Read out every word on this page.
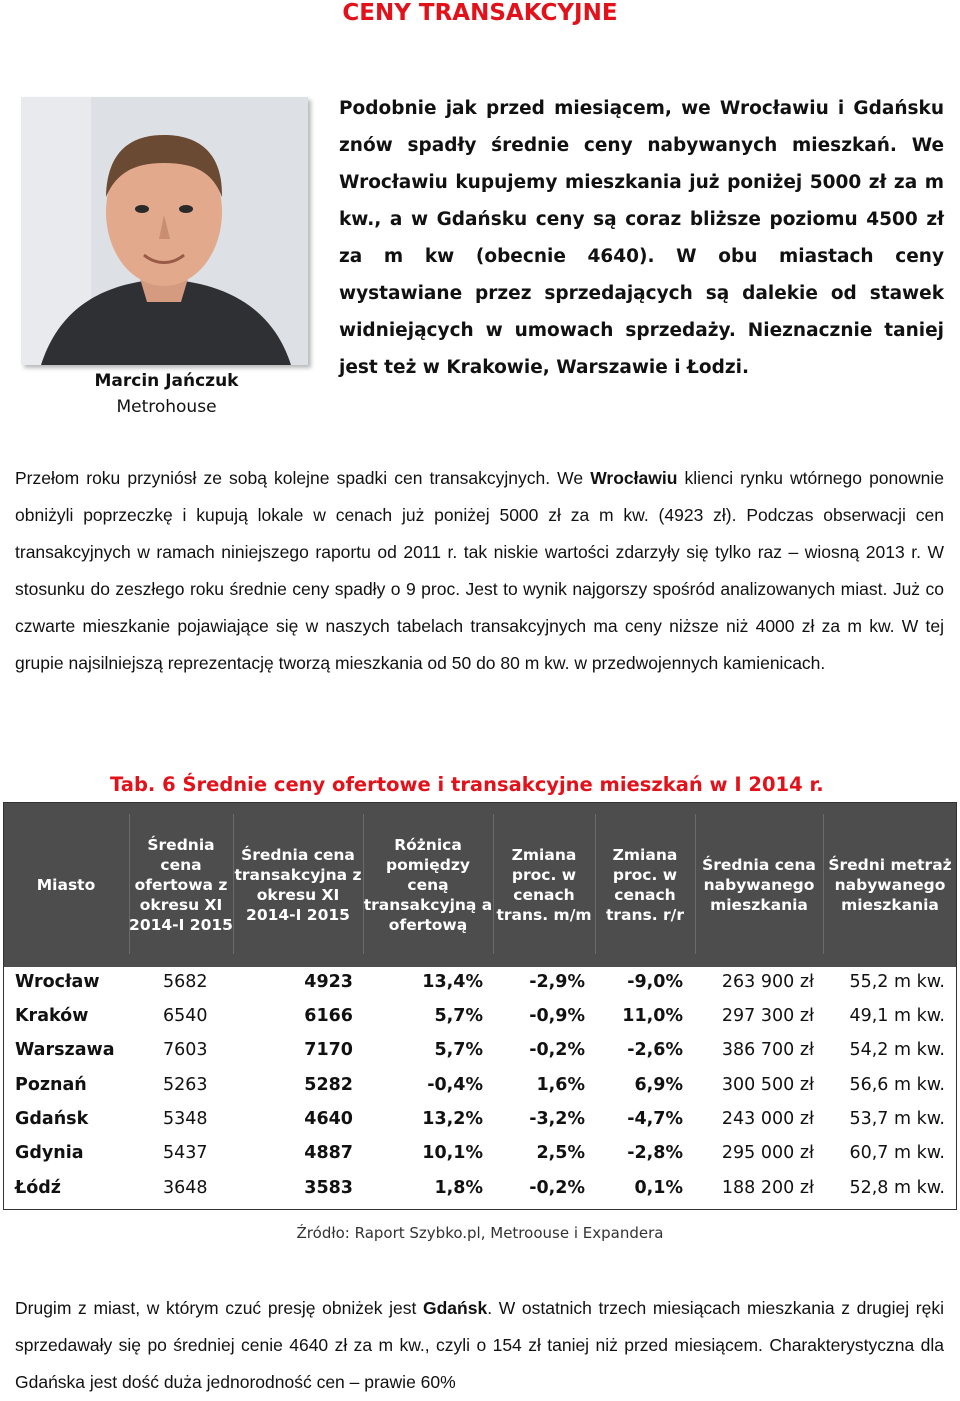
CENY TRANSAKCYJNE
Marcin Jańczuk
Metrohouse
Podobnie jak przed miesiącem, we Wrocławiu i Gdańsku znów spadły średnie ceny nabywanych mieszkań. We Wrocławiu kupujemy mieszkania już poniżej 5000 zł za m kw., a w Gdańsku ceny są coraz bliższe poziomu 4500 zł za m kw (obecnie 4640). W obu miastach ceny wystawiane przez sprzedających są dalekie od stawek widniejących w umowach sprzedaży. Nieznacznie taniej jest też w Krakowie, Warszawie i Łodzi.
Przełom roku przyniósł ze sobą kolejne spadki cen transakcyjnych. We Wrocławiu klienci rynku wtórnego ponownie obniżyli poprzeczkę i kupują lokale w cenach już poniżej 5000 zł za m kw. (4923 zł). Podczas obserwacji cen transakcyjnych w ramach niniejszego raportu od 2011 r. tak niskie wartości zdarzyły się tylko raz – wiosną 2013 r. W stosunku do zeszłego roku średnie ceny spadły o 9 proc. Jest to wynik najgorszy spośród analizowanych miast. Już co czwarte mieszkanie pojawiające się w naszych tabelach transakcyjnych ma ceny niższe niż 4000 zł za m kw. W tej grupie najsilniejszą reprezentację tworzą mieszkania od 50 do 80 m kw. w przedwojennych kamienicach.
Tab. 6 Średnie ceny ofertowe i transakcyjne mieszkań w I 2014 r.
Miasto
Średnia cena ofertowa z okresu XI 2014-I 2015
Średnia cena transakcyjna z okresu XI 2014-I 2015
Różnica pomiędzy ceną transakcyjną a ofertową
Zmiana proc. w cenach trans. m/m
Zmiana proc. w cenach trans. r/r
Średnia cena nabywanego mieszkania
Średni metraż nabywanego mieszkania
Wrocław	5682	4923	13,4%	-2,9% -9,0% 263 900 zł 55,2 m kw.
Kraków	6540	6166	5,7%	-0,9% 11,0% 297 300 zł 49,1 m kw.
Warszawa	7603	7170	5,7%	-0,2% -2,6% 386 700 zł 54,2 m kw.
Poznań	5263	5282	-0,4%	1,6%	6,9% 300 500 zł 56,6 m kw.
Gdańsk	5348	4640	13,2%	-3,2% -4,7% 243 000 zł 53,7 m kw.
Gdynia	5437	4887	10,1%	2,5% -2,8% 295 000 zł 60,7 m kw.
Łódź	3648	3583	1,8%	-0,2%	0,1% 188 200 zł 52,8 m kw.
Źródło: Raport Szybko.pl, Metroouse i Expandera
Drugim z miast, w którym czuć presję obniżek jest Gdańsk. W ostatnich trzech miesiącach mieszkania z drugiej ręki sprzedawały się po średniej cenie 4640 zł za m kw., czyli o 154 zł taniej niż przed miesiącem. Charakterystyczna dla Gdańska jest dość duża jednorodność cen – prawie 60%
